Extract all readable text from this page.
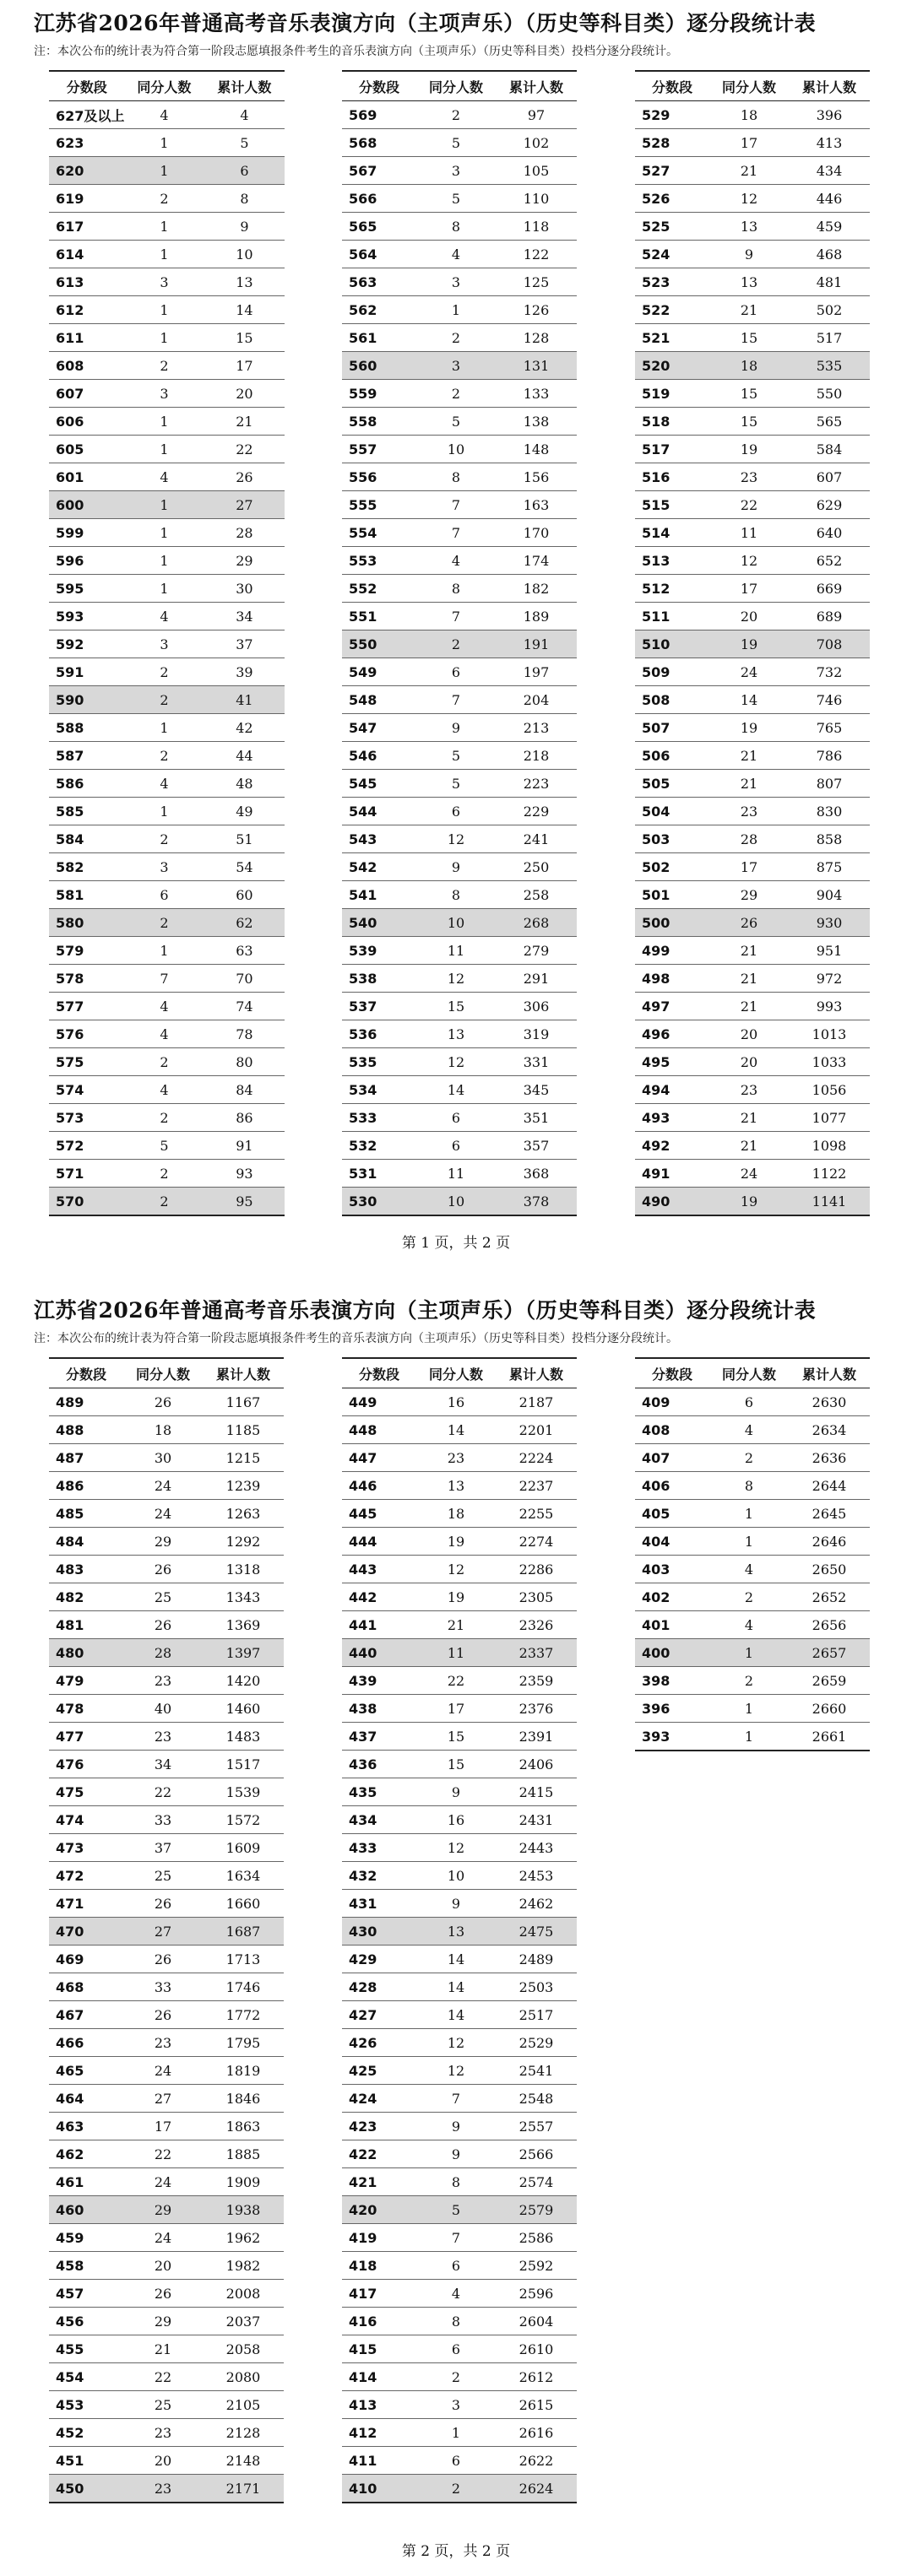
江苏省2026年普通高考音乐表演方向（主项声乐）（历史等科目类）逐分段统计表
注：本次公布的统计表为符合第一阶段志愿填报条件考生的音乐表演方向（主项声乐）（历史等科目类）投档分逐分段统计。
分数段	同分人数	累计人数
627及以上	4	4
623	1	5
620	1	6
619	2	8
617	1	9
614	1	10
613	3	13
612	1	14
611	1	15
608	2	17
607	3	20
606	1	21
605	1	22
601	4	26
600	1	27
599	1	28
596	1	29
595	1	30
593	4	34
592	3	37
591	2	39
590	2	41
588	1	42
587	2	44
586	4	48
585	1	49
584	2	51
582	3	54
581	6	60
580	2	62
579	1	63
578	7	70
577	4	74
576	4	78
575	2	80
574	4	84
573	2	86
572	5	91
571	2	93
570	2	95
分数段	同分人数	累计人数
569	2	97
568	5	102
567	3	105
566	5	110
565	8	118
564	4	122
563	3	125
562	1	126
561	2	128
560	3	131
559	2	133
558	5	138
557	10	148
556	8	156
555	7	163
554	7	170
553	4	174
552	8	182
551	7	189
550	2	191
549	6	197
548	7	204
547	9	213
546	5	218
545	5	223
544	6	229
543	12	241
542	9	250
541	8	258
540	10	268
539	11	279
538	12	291
537	15	306
536	13	319
535	12	331
534	14	345
533	6	351
532	6	357
531	11	368
530	10	378
分数段	同分人数	累计人数
529	18	396
528	17	413
527	21	434
526	12	446
525	13	459
524	9	468
523	13	481
522	21	502
521	15	517
520	18	535
519	15	550
518	15	565
517	19	584
516	23	607
515	22	629
514	11	640
513	12	652
512	17	669
511	20	689
510	19	708
509	24	732
508	14	746
507	19	765
506	21	786
505	21	807
504	23	830
503	28	858
502	17	875
501	29	904
500	26	930
499	21	951
498	21	972
497	21	993
496	20	1013
495	20	1033
494	23	1056
493	21	1077
492	21	1098
491	24	1122
490	19	1141
第 1 页，共 2 页
江苏省2026年普通高考音乐表演方向（主项声乐）（历史等科目类）逐分段统计表
注：本次公布的统计表为符合第一阶段志愿填报条件考生的音乐表演方向（主项声乐）（历史等科目类）投档分逐分段统计。
分数段	同分人数	累计人数
489	26	1167
488	18	1185
487	30	1215
486	24	1239
485	24	1263
484	29	1292
483	26	1318
482	25	1343
481	26	1369
480	28	1397
479	23	1420
478	40	1460
477	23	1483
476	34	1517
475	22	1539
474	33	1572
473	37	1609
472	25	1634
471	26	1660
470	27	1687
469	26	1713
468	33	1746
467	26	1772
466	23	1795
465	24	1819
464	27	1846
463	17	1863
462	22	1885
461	24	1909
460	29	1938
459	24	1962
458	20	1982
457	26	2008
456	29	2037
455	21	2058
454	22	2080
453	25	2105
452	23	2128
451	20	2148
450	23	2171
分数段	同分人数	累计人数
449	16	2187
448	14	2201
447	23	2224
446	13	2237
445	18	2255
444	19	2274
443	12	2286
442	19	2305
441	21	2326
440	11	2337
439	22	2359
438	17	2376
437	15	2391
436	15	2406
435	9	2415
434	16	2431
433	12	2443
432	10	2453
431	9	2462
430	13	2475
429	14	2489
428	14	2503
427	14	2517
426	12	2529
425	12	2541
424	7	2548
423	9	2557
422	9	2566
421	8	2574
420	5	2579
419	7	2586
418	6	2592
417	4	2596
416	8	2604
415	6	2610
414	2	2612
413	3	2615
412	1	2616
411	6	2622
410	2	2624
分数段	同分人数	累计人数
409	6	2630
408	4	2634
407	2	2636
406	8	2644
405	1	2645
404	1	2646
403	4	2650
402	2	2652
401	4	2656
400	1	2657
398	2	2659
396	1	2660
393	1	2661
第 2 页，共 2 页
